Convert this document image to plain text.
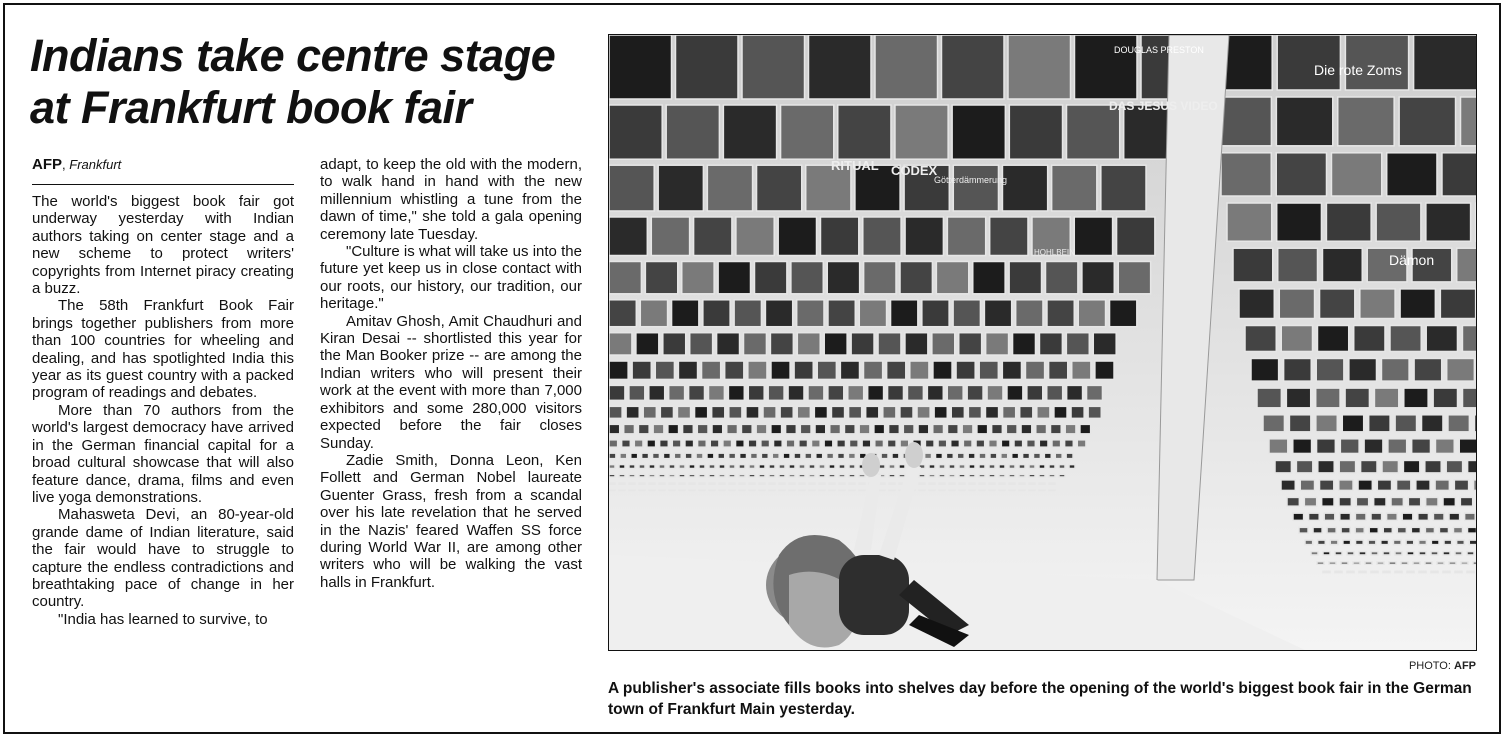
Indians take centre stage
at Frankfurt book fair
AFP, Frankfurt

The world's biggest book fair got underway yesterday with Indian authors taking on center stage and a new scheme to protect writers' copyrights from Internet piracy creating a buzz.

The 58th Frankfurt Book Fair brings together publishers from more than 100 countries for wheeling and dealing, and has spotlighted India this year as its guest country with a packed program of readings and debates.

More than 70 authors from the world's largest democracy have arrived in the German financial capital for a broad cultural showcase that will also feature dance, drama, films and even live yoga demonstrations.

Mahasweta Devi, an 80-year-old grande dame of Indian literature, said the fair would have to struggle to capture the endless contradictions and breathtaking pace of change in her country.

"India has learned to survive, to

adapt, to keep the old with the modern, to walk hand in hand with the new millennium whistling a tune from the dawn of time," she told a gala opening ceremony late Tuesday.

"Culture is what will take us into the future yet keep us in close contact with our roots, our history, our tradition, our heritage."

Amitav Ghosh, Amit Chaudhuri and Kiran Desai -- shortlisted this year for the Man Booker prize -- are among the Indian writers who will present their work at the event with more than 7,000 exhibitors and some 280,000 visitors expected before the fair closes Sunday.

Zadie Smith, Donna Leon, Ken Follett and German Nobel laureate Guenter Grass, fresh from a scandal over his late revelation that he served in the Nazis' feared Waffen SS force during World War II, are among other writers who will be walking the vast halls in Frankfurt.

DOUGLAS PRESTON
RITUAL CODEX
Götterdämmerung
HOHLBEIN
DAS JESUS VIDEO
Die rote Zoms
Dämon
PHOTO: AFP
A publisher's associate fills books into shelves day before the opening of the world's biggest book fair in the German town of Frankfurt Main yesterday.
